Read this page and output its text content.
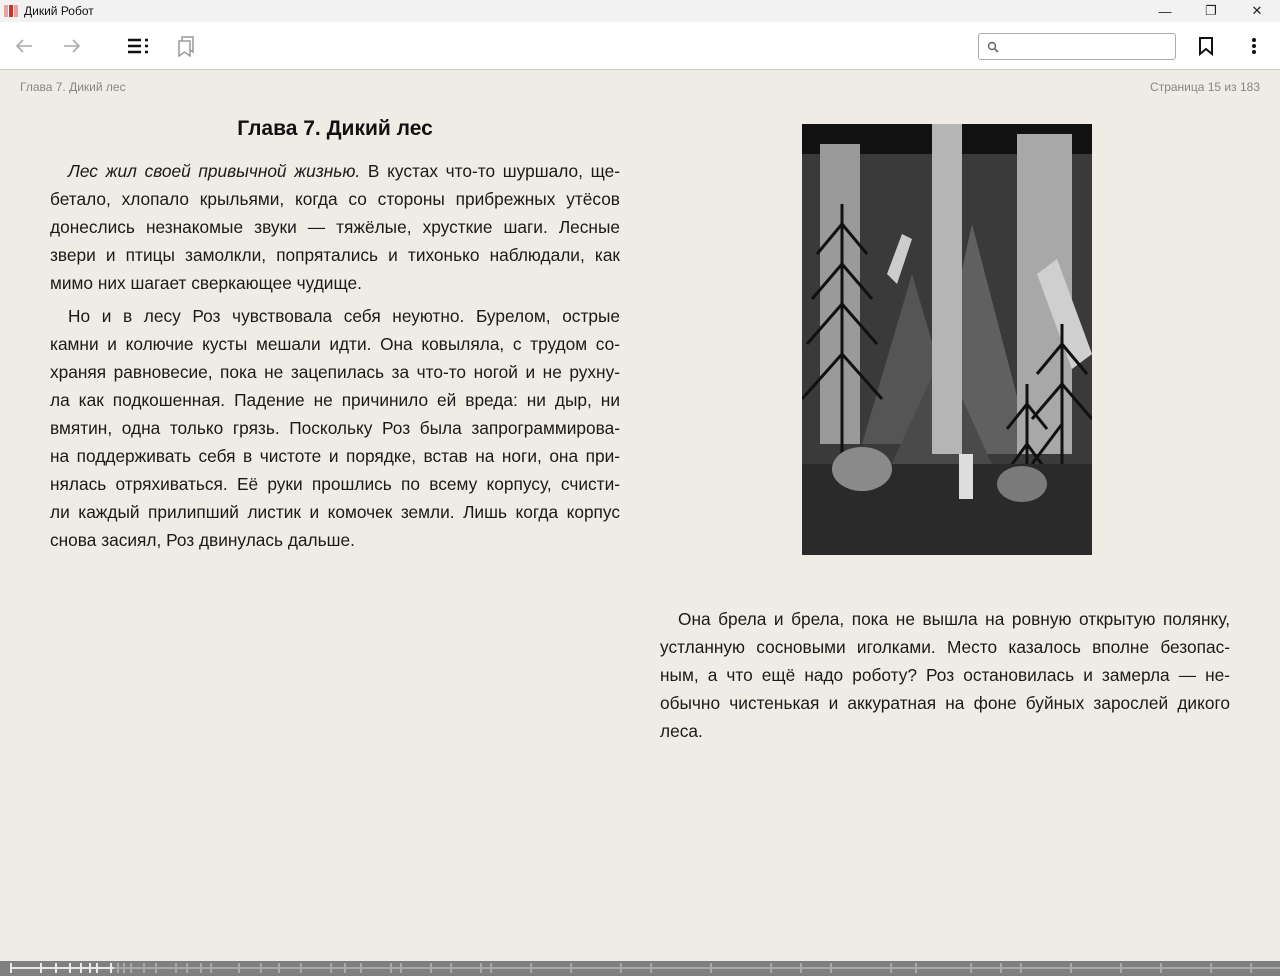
Дикий Робот	—	❐	✕
Глава 7. Дикий лес	Страница 15 из 183
Глава 7. Дикий лес
Лес жил своей привычной жизнью. В кустах что-то шуршало, ще-
бетало, хлопало крыльями, когда со стороны прибрежных утёсов
донеслись незнакомые звуки — тяжёлые, хрусткие шаги. Лесные
звери и птицы замолкли, попрятались и тихонько наблюдали, как
мимо них шагает сверкающее чудище.
Но и в лесу Роз чувствовала себя неуютно. Бурелом, острые
камни и колючие кусты мешали идти. Она ковыляла, с трудом со-
храняя равновесие, пока не зацепилась за что-то ногой и не рухну-
ла как подкошенная. Падение не причинило ей вреда: ни дыр, ни
вмятин, одна только грязь. Поскольку Роз была запрограммирова-
на поддерживать себя в чистоте и порядке, встав на ноги, она при-
нялась отряхиваться. Её руки прошлись по всему корпусу, счисти-
ли каждый прилипший листик и комочек земли. Лишь когда корпус
снова засиял, Роз двинулась дальше.
Она брела и брела, пока не вышла на ровную открытую полянку,
устланную сосновыми иголками. Место казалось вполне безопас-
ным, а что ещё надо роботу? Роз остановилась и замерла — не-
обычно чистенькая и аккуратная на фоне буйных зарослей дикого
леса.
